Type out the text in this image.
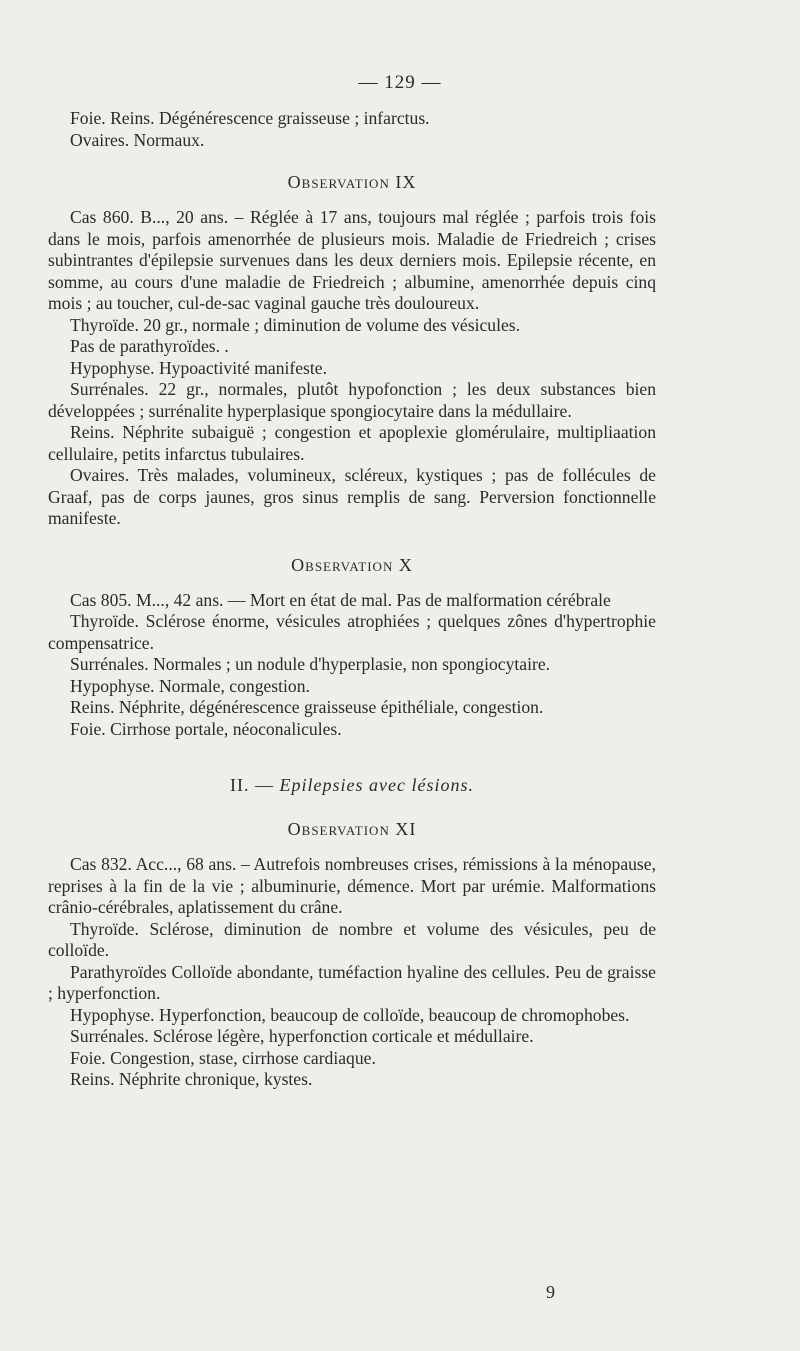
— 129 —

Foie. Reins. Dégénérescence graisseuse ; infarctus.

Ovaires. Normaux.

Observation IX

Cas 860. B..., 20 ans. – Réglée à 17 ans, toujours mal réglée ; parfois trois fois dans le mois, parfois amenorrhée de plusieurs mois. Maladie de Friedreich ; crises subintrantes d'épilepsie survenues dans les deux derniers mois. Epilepsie récente, en somme, au cours d'une maladie de Friedreich ; albumine, amenorrhée depuis cinq mois ; au toucher, cul-de-sac vaginal gauche très douloureux.

Thyroïde. 20 gr., normale ; diminution de volume des vésicules.

Pas de parathyroïdes. .

Hypophyse. Hypoactivité manifeste.

Surrénales. 22 gr., normales, plutôt hypofonction ; les deux substances bien développées ; surrénalite hyperplasique spongiocytaire dans la médullaire.

Reins. Néphrite subaiguë ; congestion et apoplexie glomérulaire, multipliaation cellulaire, petits infarctus tubulaires.

Ovaires. Très malades, volumineux, scléreux, kystiques ; pas de follécules de Graaf, pas de corps jaunes, gros sinus remplis de sang. Perversion fonctionnelle manifeste.

Observation X

Cas 805. M..., 42 ans. — Mort en état de mal. Pas de malformation cérébrale

Thyroïde. Sclérose énorme, vésicules atrophiées ; quelques zônes d'hypertrophie compensatrice.

Surrénales. Normales ; un nodule d'hyperplasie, non spongiocytaire.

Hypophyse. Normale, congestion.

Reins. Néphrite, dégénérescence graisseuse épithéliale, congestion.

Foie. Cirrhose portale, néoconalicules.

II. — Epilepsies avec lésions.
Observation XI

Cas 832. Acc..., 68 ans. – Autrefois nombreuses crises, rémissions à la ménopause, reprises à la fin de la vie ; albuminurie, démence. Mort par urémie. Malformations crânio-cérébrales, aplatissement du crâne.

Thyroïde. Sclérose, diminution de nombre et volume des vésicules, peu de colloïde.

Parathyroïdes Colloïde abondante, tuméfaction hyaline des cellules. Peu de graisse ; hyperfonction.

Hypophyse. Hyperfonction, beaucoup de colloïde, beaucoup de chromophobes.

Surrénales. Sclérose légère, hyperfonction corticale et médullaire.

Foie. Congestion, stase, cirrhose cardiaque.

Reins. Néphrite chronique, kystes.

9
